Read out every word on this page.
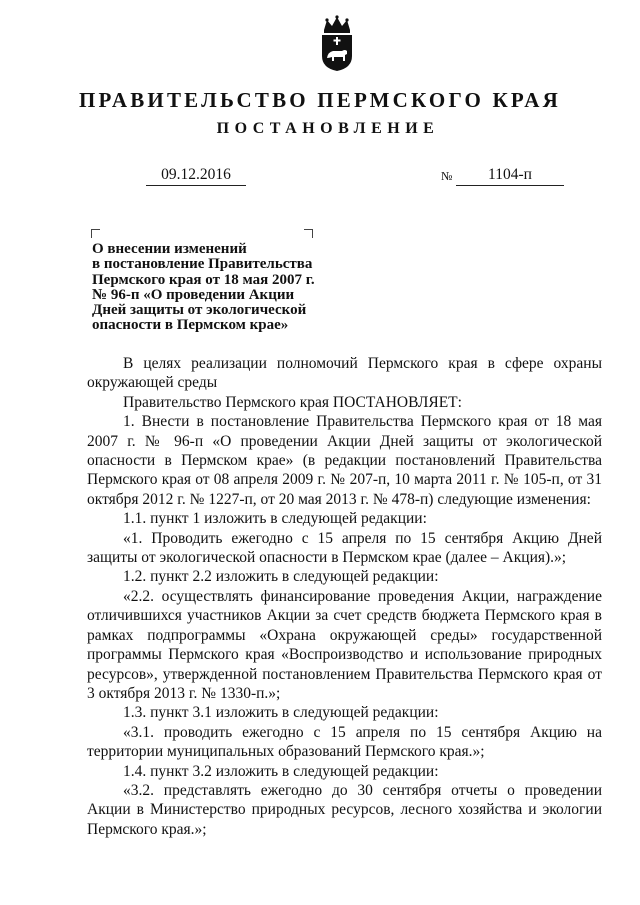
ПРАВИТЕЛЬСТВО ПЕРМСКОГО КРАЯ
ПОСТАНОВЛЕНИЕ
09.12.2016	№	1104-п
О внесении изменений
в постановление Правительства
Пермского края от 18 мая 2007 г.
№ 96-п «О проведении Акции
Дней защиты от экологической
опасности в Пермском крае»

В целях реализации полномочий Пермского края в сфере охраны окружающей среды

Правительство Пермского края ПОСТАНОВЛЯЕТ:

1. Внести в постановление Правительства Пермского края от 18 мая 2007 г. № 96-п «О проведении Акции Дней защиты от экологической опасности в Пермском крае» (в редакции постановлений Правительства Пермского края от 08 апреля 2009 г. № 207-п, 10 марта 2011 г. № 105-п, от 31 октября 2012 г. № 1227-п, от 20 мая 2013 г. № 478-п) следующие изменения:

1.1. пункт 1 изложить в следующей редакции:

«1. Проводить ежегодно с 15 апреля по 15 сентября Акцию Дней защиты от экологической опасности в Пермском крае (далее – Акция).»;

1.2. пункт 2.2 изложить в следующей редакции:

«2.2. осуществлять финансирование проведения Акции, награждение отличившихся участников Акции за счет средств бюджета Пермского края в рамках подпрограммы «Охрана окружающей среды» государственной программы Пермского края «Воспроизводство и использование природных ресурсов», утвержденной постановлением Правительства Пермского края от 3 октября 2013 г. № 1330-п.»;

1.3. пункт 3.1 изложить в следующей редакции:

«3.1. проводить ежегодно с 15 апреля по 15 сентября Акцию на территории муниципальных образований Пермского края.»;

1.4. пункт 3.2 изложить в следующей редакции:

«3.2. представлять ежегодно до 30 сентября отчеты о проведении Акции в Министерство природных ресурсов, лесного хозяйства и экологии Пермского края.»;
